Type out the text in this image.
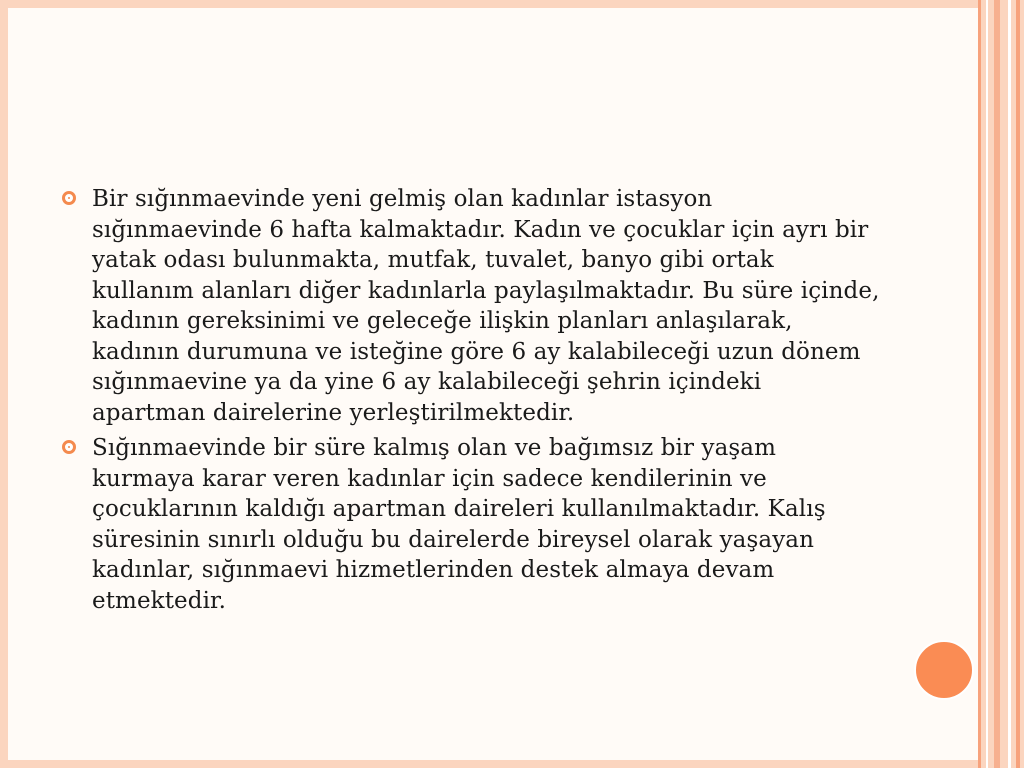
Bir sığınmaevinde yeni gelmiş olan kadınlar istasyon sığınmaevinde 6 hafta kalmaktadır. Kadın ve çocuklar için ayrı bir yatak odası bulunmakta, mutfak, tuvalet, banyo gibi ortak kullanım alanları diğer kadınlarla paylaşılmaktadır. Bu süre içinde, kadının gereksinimi ve geleceğe ilişkin planları anlaşılarak, kadının durumuna ve isteğine göre 6 ay kalabileceği uzun dönem sığınmaevine ya da yine 6 ay kalabileceği şehrin içindeki apartman dairelerine yerleştirilmektedir.
Sığınmaevinde bir süre kalmış olan ve bağımsız bir yaşam kurmaya karar veren kadınlar için sadece kendilerinin ve çocuklarının kaldığı apartman daireleri kullanılmaktadır. Kalış süresinin sınırlı olduğu bu dairelerde bireysel olarak yaşayan kadınlar, sığınmaevi hizmetlerinden destek almaya devam etmektedir.
